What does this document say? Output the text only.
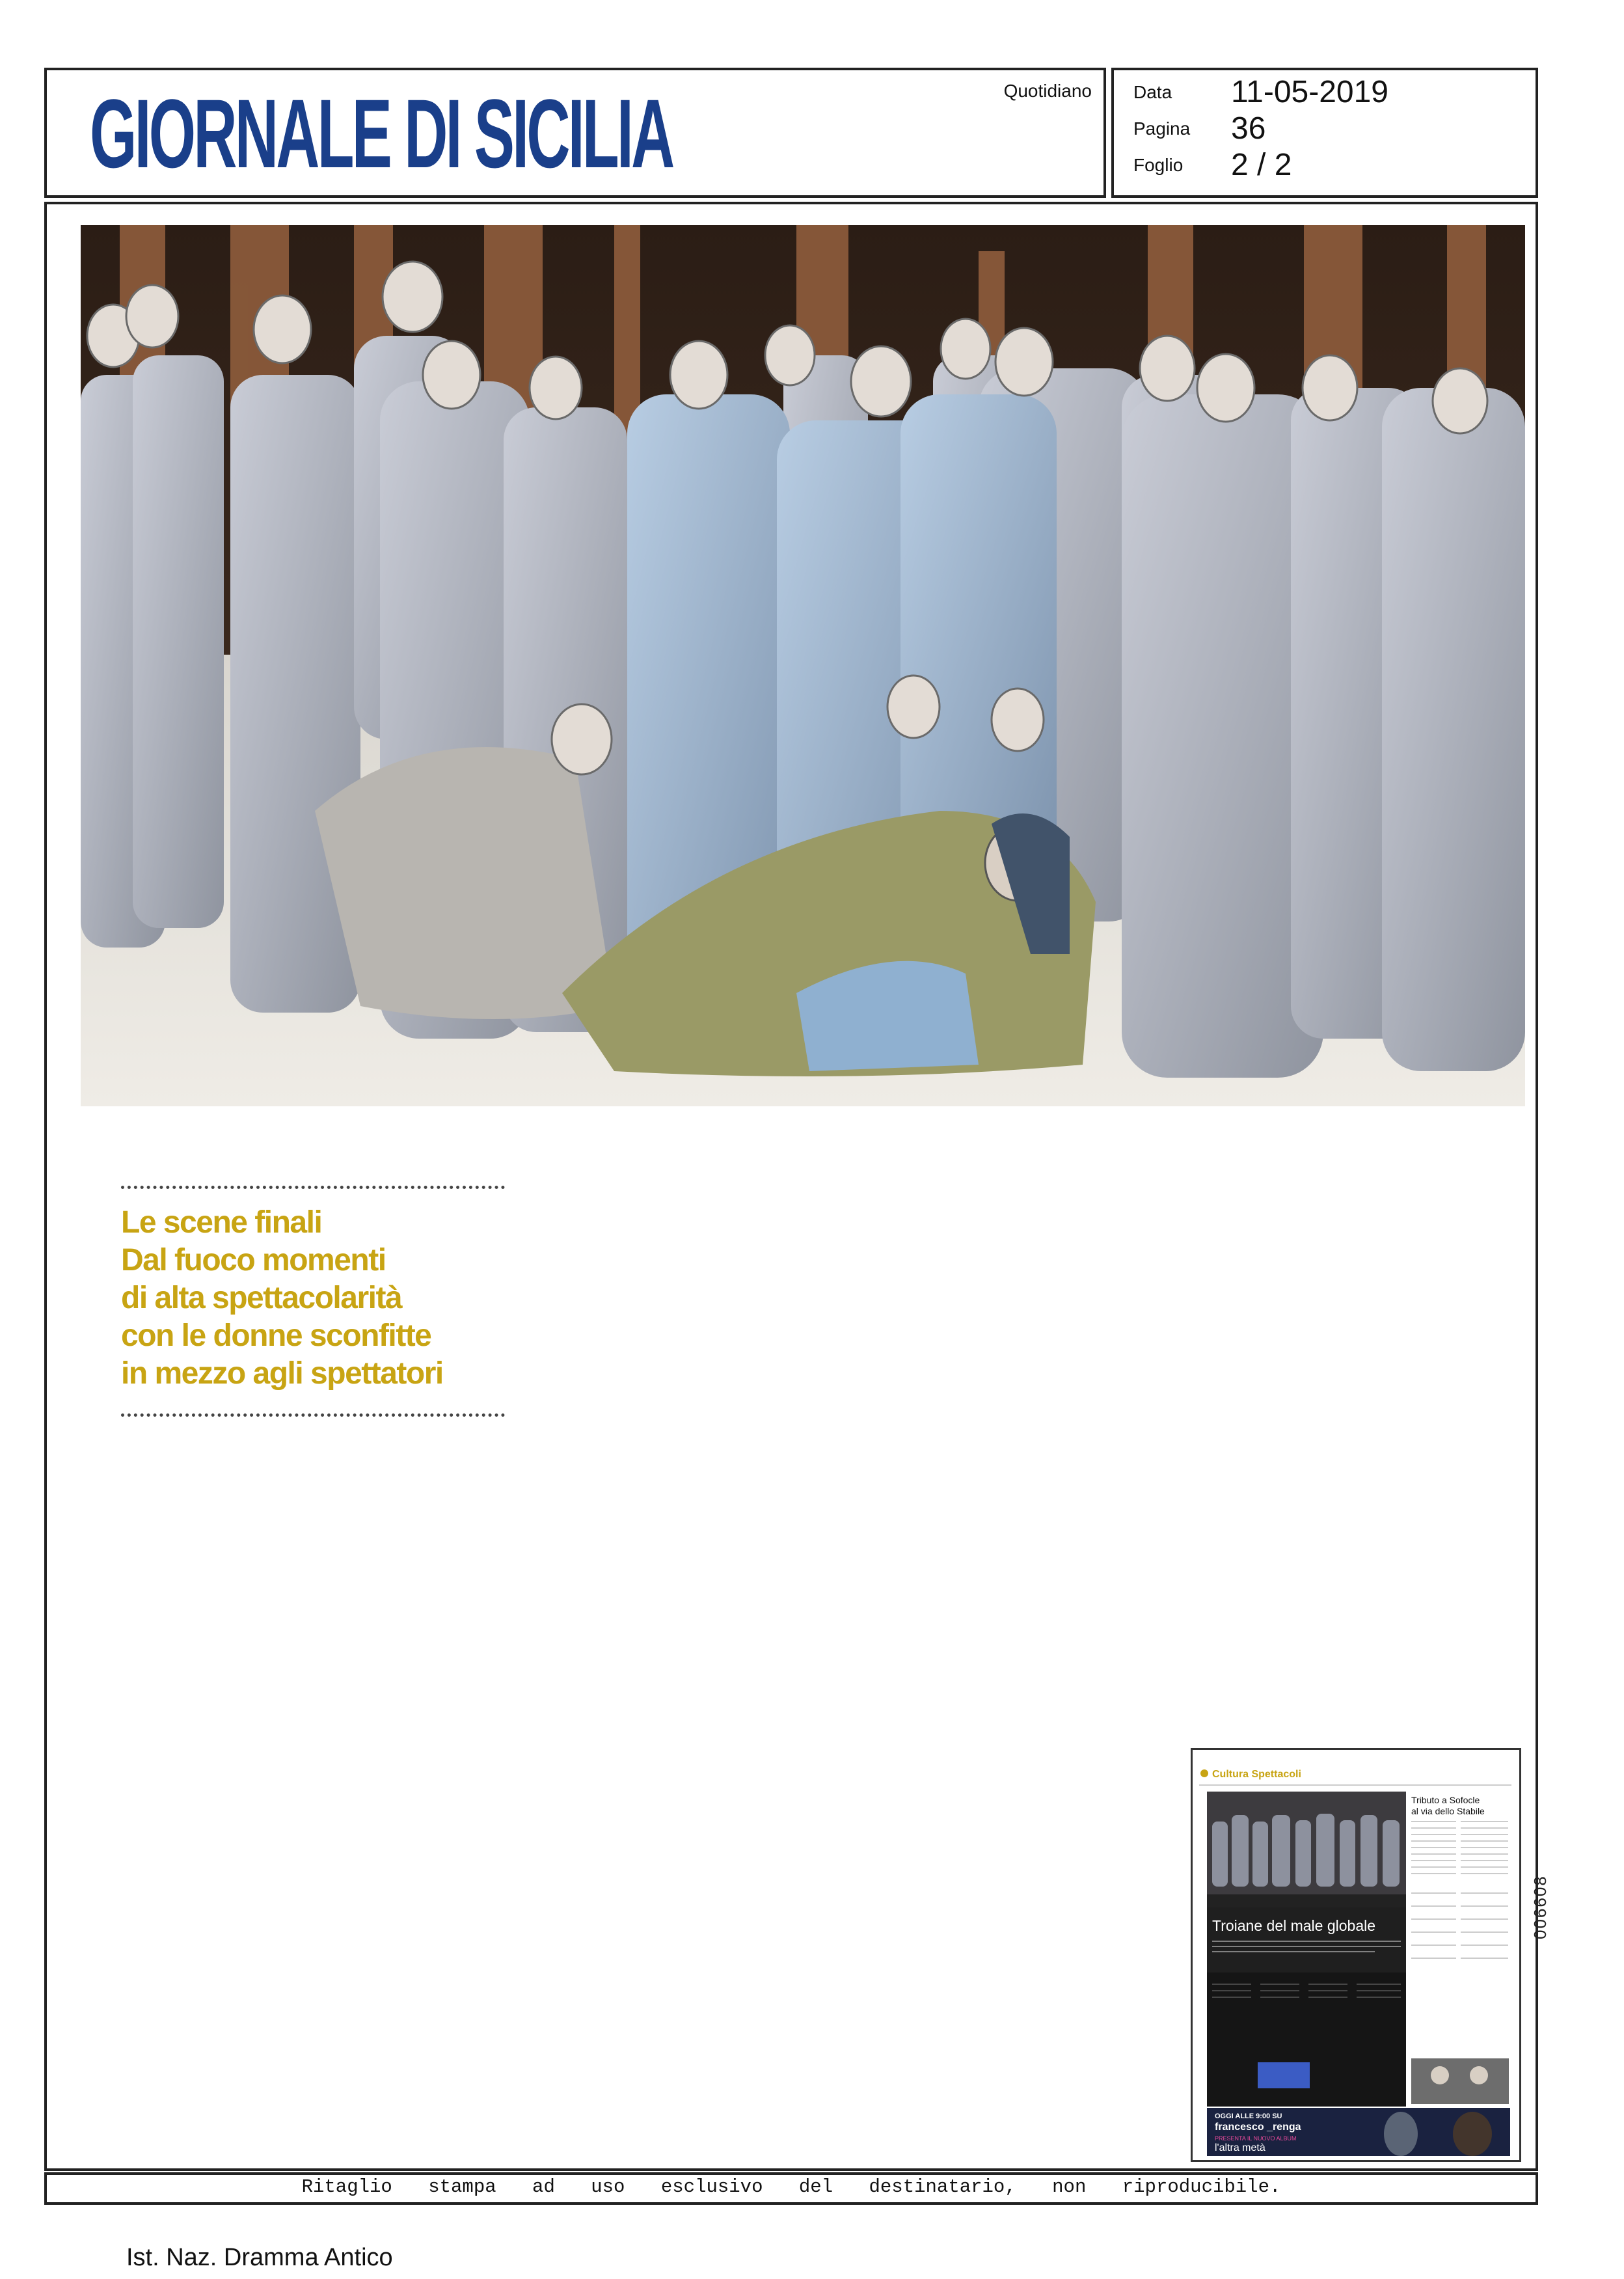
GIORNALE DI SICILIA	Quotidiano Data 11-05-2019
Pagina 36
Foglio 2 / 2
Le scene finali
Dal fuoco momenti
di alta spettacolarità
con le donne sconfitte
in mezzo agli spettatori
Cultura Spettacoli
Troiane del male globale
Tributo a Sofocle al via dello Stabile
OGGI ALLE 9:00 SU
francesco _renga
PRESENTA IL NUOVO ALBUM
l'altra metà
006608
Ritaglio stampa ad uso esclusivo del destinatario, non riproducibile.
Ist. Naz. Dramma Antico
